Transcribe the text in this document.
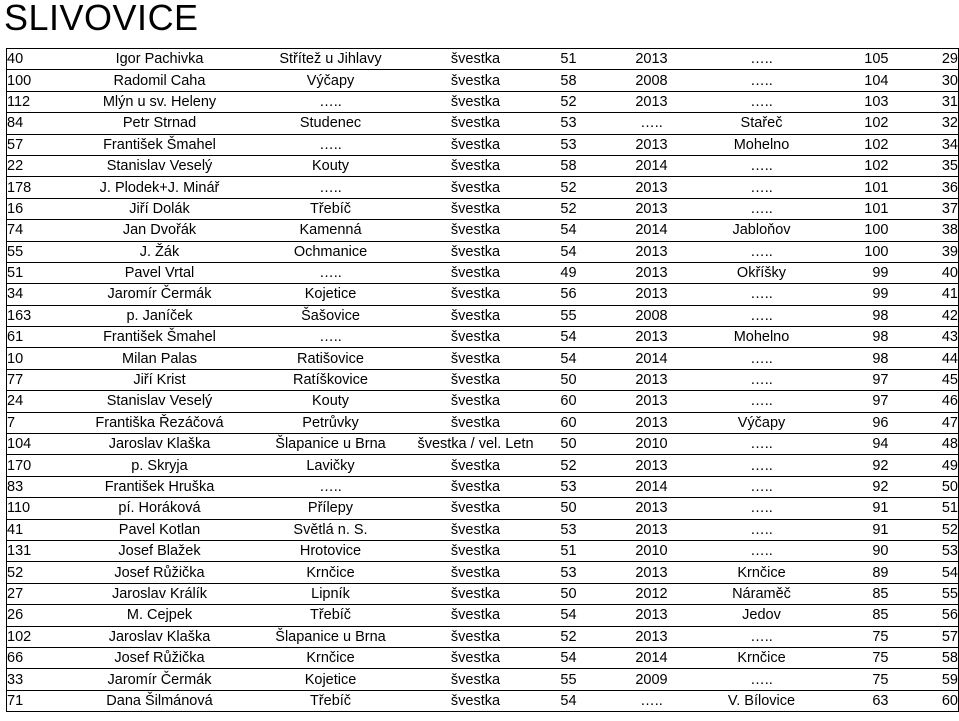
SLIVOVICE
40	Igor Pachivka	Střítež u Jihlavy	švestka	51	2013	…..	105	29
100	Radomil Caha	Výčapy	švestka	58	2008	…..	104	30
112	Mlýn u sv. Heleny	…..	švestka	52	2013	…..	103	31
84	Petr Strnad	Studenec	švestka	53	…..	Stařeč	102	32
57	František Šmahel	…..	švestka	53	2013	Mohelno	102	34
22	Stanislav Veselý	Kouty	švestka	58	2014	…..	102	35
178	J. Plodek+J. Minář	…..	švestka	52	2013	…..	101	36
16	Jiří Dolák	Třebíč	švestka	52	2013	…..	101	37
74	Jan Dvořák	Kamenná	švestka	54	2014	Jabloňov	100	38
55	J. Žák	Ochmanice	švestka	54	2013	…..	100	39
51	Pavel Vrtal	…..	švestka	49	2013	Okříšky	99	40
34	Jaromír Čermák	Kojetice	švestka	56	2013	…..	99	41
163	p. Janíček	Šašovice	švestka	55	2008	…..	98	42
61	František Šmahel	…..	švestka	54	2013	Mohelno	98	43
10	Milan Palas	Ratišovice	švestka	54	2014	…..	98	44
77	Jiří Krist	Ratíškovice	švestka	50	2013	…..	97	45
24	Stanislav Veselý	Kouty	švestka	60	2013	…..	97	46
7	Františka Řezáčová	Petrůvky	švestka	60	2013	Výčapy	96	47
104	Jaroslav Klaška	Šlapanice u Brna	švestka / vel. Letn	50	2010	…..	94	48
170	p. Skryja	Lavičky	švestka	52	2013	…..	92	49
83	František Hruška	…..	švestka	53	2014	…..	92	50
110	pí. Horáková	Přílepy	švestka	50	2013	…..	91	51
41	Pavel Kotlan	Světlá n. S.	švestka	53	2013	…..	91	52
131	Josef Blažek	Hrotovice	švestka	51	2010	…..	90	53
52	Josef Růžička	Krnčice	švestka	53	2013	Krnčice	89	54
27	Jaroslav Králík	Lipník	švestka	50	2012	Náraměč	85	55
26	M. Cejpek	Třebíč	švestka	54	2013	Jedov	85	56
102	Jaroslav Klaška	Šlapanice u Brna	švestka	52	2013	…..	75	57
66	Josef Růžička	Krnčice	švestka	54	2014	Krnčice	75	58
33	Jaromír Čermák	Kojetice	švestka	55	2009	…..	75	59
71	Dana Šilmánová	Třebíč	švestka	54	…..	V. Bílovice	63	60
